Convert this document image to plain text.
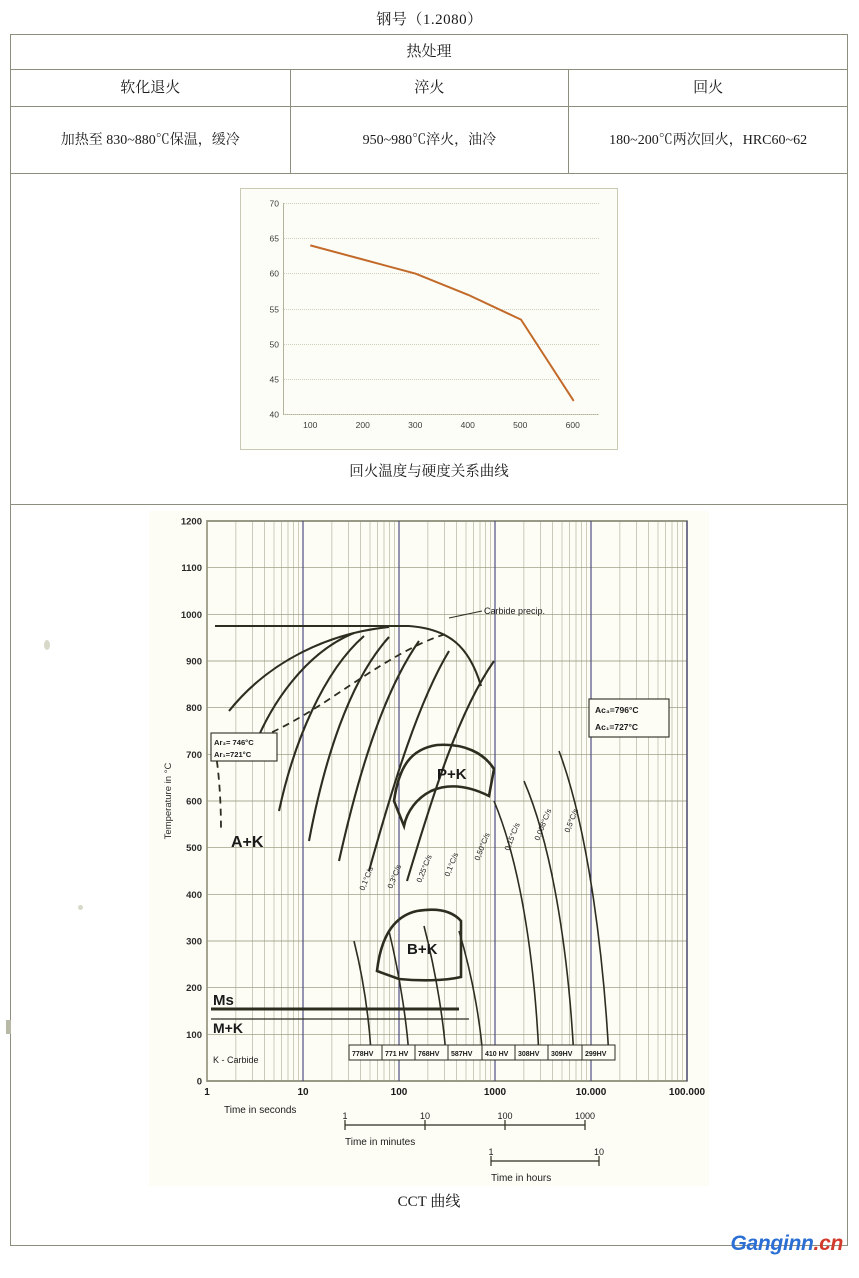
钢号（1.2080）
热处理		
软化退火	淬火	回火
加热至 830~880℃保温，缓冷	950~980℃淬火，油冷	180~200℃两次回火，HRC60~62

70
65
60
55
50
45
40
100	200	300	400	500	600
回火温度与硬度关系曲线

1200
1100
1000
900
800
700
600
500
400
300
200
100
0
Temperature in °C
Carbide precip.
Ac₃=796°C
Ac₁=727°C
Ar₃= 746°C
Ar₁=721°C
A+K
P+K
B+K
Ms
M+K
K - Carbide
0,1°C/s 0,3°C/s 0,25°C/s 0,1°C/s
0,50°C/s 0,15°C/s 0,008°C/s 0,5°C/s
778HV 771 HV 768HV 587HV 410 HV 308HV 309HV 299HV
1	10	100	1000	10.000	100.000
Time in seconds	1	10	100	1000
Time in minutes
1	10
Time in hours
CCT 曲线
Ganginn.cn
